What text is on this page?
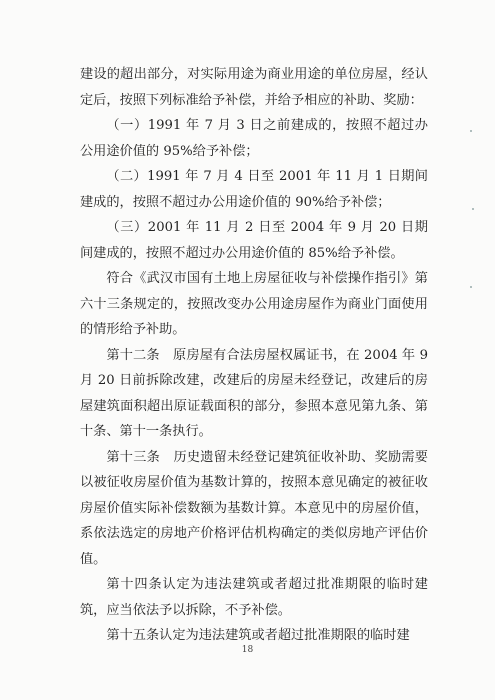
建设的超出部分，对实际用途为商业用途的单位房屋，经认定后，按照下列标准给予补偿，并给予相应的补助、奖励：

（一）1991 年 7 月 3 日之前建成的，按照不超过办公用途价值的 95%给予补偿；

（二）1991 年 7 月 4 日至 2001 年 11 月 1 日期间建成的，按照不超过办公用途价值的 90%给予补偿；

（三）2001 年 11 月 2 日至 2004 年 9 月 20 日期间建成的，按照不超过办公用途价值的 85%给予补偿。

符合《武汉市国有土地上房屋征收与补偿操作指引》第六十三条规定的，按照改变办公用途房屋作为商业门面使用的情形给予补助。

第十二条　原房屋有合法房屋权属证书，在 2004 年 9 月 20 日前拆除改建，改建后的房屋未经登记，改建后的房屋建筑面积超出原证载面积的部分，参照本意见第九条、第十条、第十一条执行。

第十三条　历史遗留未经登记建筑征收补助、奖励需要以被征收房屋价值为基数计算的，按照本意见确定的被征收房屋价值实际补偿数额为基数计算。本意见中的房屋价值，系依法选定的房地产价格评估机构确定的类似房地产评估价值。

第十四条认定为违法建筑或者超过批准期限的临时建筑，应当依法予以拆除，不予补偿。

第十五条认定为违法建筑或者超过批准期限的临时建

18
